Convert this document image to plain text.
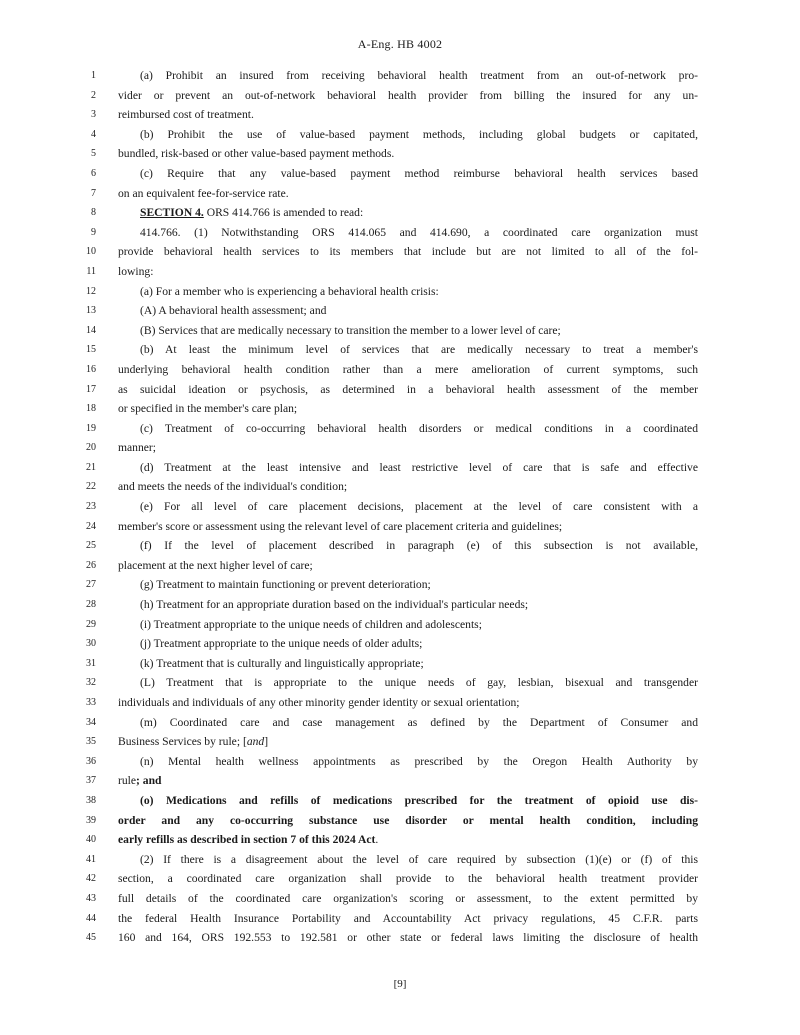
A-Eng. HB 4002
1	(a) Prohibit an insured from receiving behavioral health treatment from an out-of-network pro-
2 vider or prevent an out-of-network behavioral health provider from billing the insured for any un-
3 reimbursed cost of treatment.
4	(b) Prohibit the use of value-based payment methods, including global budgets or capitated,
5 bundled, risk-based or other value-based payment methods.
6	(c) Require that any value-based payment method reimburse behavioral health services based
7 on an equivalent fee-for-service rate.
8	SECTION 4. ORS 414.766 is amended to read:
9	414.766. (1) Notwithstanding ORS 414.065 and 414.690, a coordinated care organization must
10 provide behavioral health services to its members that include but are not limited to all of the fol-
11 lowing:
12	(a) For a member who is experiencing a behavioral health crisis:
13	(A) A behavioral health assessment; and
14	(B) Services that are medically necessary to transition the member to a lower level of care;
15	(b) At least the minimum level of services that are medically necessary to treat a member's
16 underlying behavioral health condition rather than a mere amelioration of current symptoms, such
17 as suicidal ideation or psychosis, as determined in a behavioral health assessment of the member
18 or specified in the member's care plan;
19	(c) Treatment of co-occurring behavioral health disorders or medical conditions in a coordinated
20 manner;
21	(d) Treatment at the least intensive and least restrictive level of care that is safe and effective
22 and meets the needs of the individual's condition;
23	(e) For all level of care placement decisions, placement at the level of care consistent with a
24 member's score or assessment using the relevant level of care placement criteria and guidelines;
25	(f) If the level of placement described in paragraph (e) of this subsection is not available,
26 placement at the next higher level of care;
27	(g) Treatment to maintain functioning or prevent deterioration;
28	(h) Treatment for an appropriate duration based on the individual's particular needs;
29	(i) Treatment appropriate to the unique needs of children and adolescents;
30	(j) Treatment appropriate to the unique needs of older adults;
31	(k) Treatment that is culturally and linguistically appropriate;
32	(L) Treatment that is appropriate to the unique needs of gay, lesbian, bisexual and transgender
33 individuals and individuals of any other minority gender identity or sexual orientation;
34	(m) Coordinated care and case management as defined by the Department of Consumer and
35 Business Services by rule; [and]
36	(n) Mental health wellness appointments as prescribed by the Oregon Health Authority by
37 rule; and
38	(o) Medications and refills of medications prescribed for the treatment of opioid use dis-
39 order and any co-occurring substance use disorder or mental health condition, including
40 early refills as described in section 7 of this 2024 Act.
41	(2) If there is a disagreement about the level of care required by subsection (1)(e) or (f) of this
42 section, a coordinated care organization shall provide to the behavioral health treatment provider
43 full details of the coordinated care organization's scoring or assessment, to the extent permitted by
44 the federal Health Insurance Portability and Accountability Act privacy regulations, 45 C.F.R. parts
45 160 and 164, ORS 192.553 to 192.581 or other state or federal laws limiting the disclosure of health
[9]
